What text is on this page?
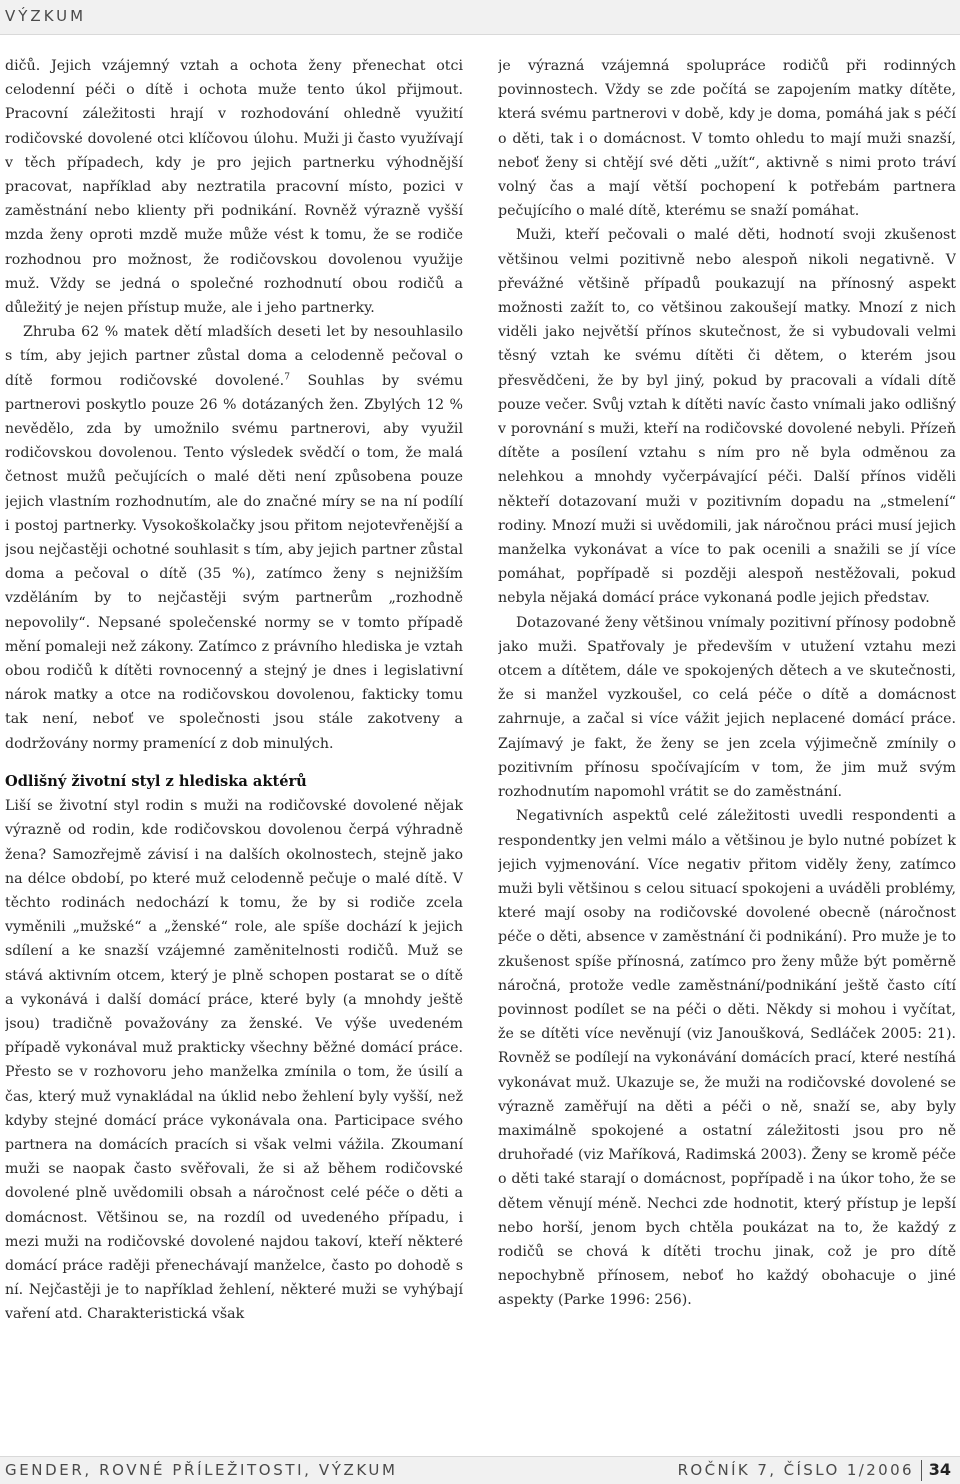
VÝZKUM

dičů. Jejich vzájemný vztah a ochota ženy přenechat otci celodenní péči o dítě i ochota muže tento úkol přijmout. Pracovní záležitosti hrají v rozhodování ohledně využití rodičovské dovolené otci klíčovou úlohu. Muži ji často využívají v těch případech, kdy je pro jejich partnerku výhodnější pracovat, například aby neztratila pracovní místo, pozici v zaměstnání nebo klienty při podnikání. Rovněž výrazně vyšší mzda ženy oproti mzdě muže může vést k tomu, že se rodiče rozhodnou pro možnost, že rodičovskou dovolenou využije muž. Vždy se jedná o společné rozhodnutí obou rodičů a důležitý je nejen přístup muže, ale i jeho partnerky.

Zhruba 62 % matek dětí mladších deseti let by nesouhlasilo s tím, aby jejich partner zůstal doma a celodenně pečoval o dítě formou rodičovské dovolené.$^7$ Souhlas by svému partnerovi poskytlo pouze 26 % dotázaných žen. Zbylých 12 % nevědělo, zda by umožnilo svému partnerovi, aby využil rodičovskou dovolenou. Tento výsledek svědčí o tom, že malá četnost mužů pečujících o malé děti není způsobena pouze jejich vlastním rozhodnutím, ale do značné míry se na ní podílí i postoj partnerky. Vysokoškolačky jsou přitom nejotevřenější a jsou nejčastěji ochotné souhlasit s tím, aby jejich partner zůstal doma a pečoval o dítě (35 %), zatímco ženy s nejnižším vzděláním by to nejčastěji svým partnerům „rozhodně nepovolily“. Nepsané společenské normy se v tomto případě mění pomaleji než zákony. Zatímco z právního hlediska je vztah obou rodičů k dítěti rovnocenný a stejný je dnes i legislativní nárok matky a otce na rodičovskou dovolenou, fakticky tomu tak není, neboť ve společnosti jsou stále zakotveny a dodržovány normy pramenící z dob minulých.

Odlišný životní styl z hlediska aktérů

Liší se životní styl rodin s muži na rodičovské dovolené nějak výrazně od rodin, kde rodičovskou dovolenou čerpá výhradně žena? Samozřejmě závisí i na dalších okolnostech, stejně jako na délce období, po které muž celodenně pečuje o malé dítě. V těchto rodinách nedochází k tomu, že by si rodiče zcela vyměnili „mužské“ a „ženské“ role, ale spíše dochází k jejich sdílení a ke snazší vzájemné zaměnitelnosti rodičů. Muž se stává aktivním otcem, který je plně schopen postarat se o dítě a vykonává i další domácí práce, které byly (a mnohdy ještě jsou) tradičně považovány za ženské. Ve výše uvedeném případě vykonával muž prakticky všechny běžné domácí práce. Přesto se v rozhovoru jeho manželka zmínila o tom, že úsilí a čas, který muž vynakládal na úklid nebo žehlení byly vyšší, než kdyby stejné domácí práce vykonávala ona. Participace svého partnera na domácích pracích si však velmi vážila. Zkoumaní muži se naopak často svěřovali, že si až během rodičovské dovolené plně uvědomili obsah a náročnost celé péče o děti a domácnost. Většinou se, na rozdíl od uvedeného případu, i mezi muži na rodičovské dovolené najdou takoví, kteří některé domácí práce raději přenechávají manželce, často po dohodě s ní. Nejčastěji je to například žehlení, některé muži se vyhýbají vaření atd. Charakteristická však

je výrazná vzájemná spolupráce rodičů při rodinných povinnostech. Vždy se zde počítá se zapojením matky dítěte, která svému partnerovi v době, kdy je doma, pomáhá jak s péčí o děti, tak i o domácnost. V tomto ohledu to mají muži snazší, neboť ženy si chtějí své děti „užít“, aktivně s nimi proto tráví volný čas a mají větší pochopení k potřebám partnera pečujícího o malé dítě, kterému se snaží pomáhat.

Muži, kteří pečovali o malé děti, hodnotí svoji zkušenost většinou velmi pozitivně nebo alespoň nikoli negativně. V převážné většině případů poukazují na přínosný aspekt možnosti zažít to, co většinou zakoušejí matky. Mnozí z nich viděli jako největší přínos skutečnost, že si vybudovali velmi těsný vztah ke svému dítěti či dětem, o kterém jsou přesvědčeni, že by byl jiný, pokud by pracovali a vídali dítě pouze večer. Svůj vztah k dítěti navíc často vnímali jako odlišný v porovnání s muži, kteří na rodičovské dovolené nebyli. Přízeň dítěte a posílení vztahu s ním pro ně byla odměnou za nelehkou a mnohdy vyčerpávající péči. Další přínos viděli někteří dotazovaní muži v pozitivním dopadu na „stmelení“ rodiny. Mnozí muži si uvědomili, jak náročnou práci musí jejich manželka vykonávat a více to pak ocenili a snažili se jí více pomáhat, popřípadě si později alespoň nestěžovali, pokud nebyla nějaká domácí práce vykonaná podle jejich představ.

Dotazované ženy většinou vnímaly pozitivní přínosy podobně jako muži. Spatřovaly je především v utužení vztahu mezi otcem a dítětem, dále ve spokojených dětech a ve skutečnosti, že si manžel vyzkoušel, co celá péče o dítě a domácnost zahrnuje, a začal si více vážit jejich neplacené domácí práce. Zajímavý je fakt, že ženy se jen zcela výjimečně zmínily o pozitivním přínosu spočívajícím v tom, že jim muž svým rozhodnutím napomohl vrátit se do zaměstnání.

Negativních aspektů celé záležitosti uvedli respondenti a respondentky jen velmi málo a většinou je bylo nutné pobízet k jejich vyjmenování. Více negativ přitom viděly ženy, zatímco muži byli většinou s celou situací spokojeni a uváděli problémy, které mají osoby na rodičovské dovolené obecně (náročnost péče o děti, absence v zaměstnání či podnikání). Pro muže je to zkušenost spíše přínosná, zatímco pro ženy může být poměrně náročná, protože vedle zaměstnání/podnikání ještě často cítí povinnost podílet se na péči o děti. Někdy si mohou i vyčítat, že se dítěti více nevěnují (viz Janoušková, Sedláček 2005: 21). Rovněž se podílejí na vykonávání domácích prací, které nestíhá vykonávat muž. Ukazuje se, že muži na rodičovské dovolené se výrazně zaměřují na děti a péči o ně, snaží se, aby byly maximálně spokojené a ostatní záležitosti jsou pro ně druhořadé (viz Maříková, Radimská 2003). Ženy se kromě péče o děti také starají o domácnost, popřípadě i na úkor toho, že se dětem věnují méně. Nechci zde hodnotit, který přístup je lepší nebo horší, jenom bych chtěla poukázat na to, že každý z rodičů se chová k dítěti trochu jinak, což je pro dítě nepochybně přínosem, neboť ho každý obohacuje o jiné aspekty (Parke 1996: 256).

GENDER, ROVNÉ PŘÍLEŽITOSTI, VÝZKUM	ROČNÍK 7, ČÍSLO 1/2006 34
